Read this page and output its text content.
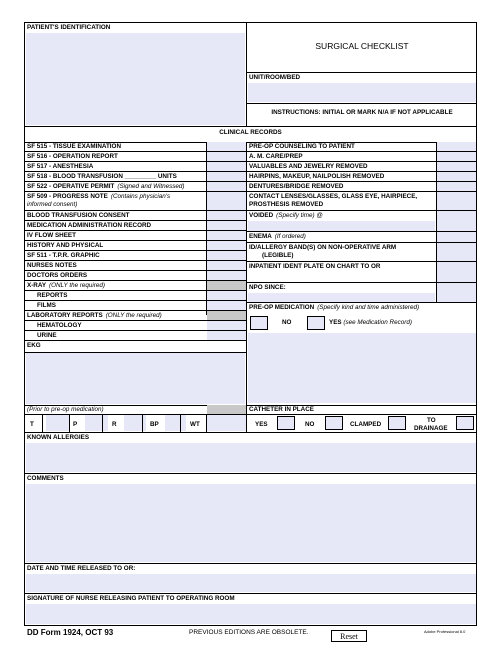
PATIENT'S IDENTIFICATION
SURGICAL CHECKLIST
UNIT/ROOM/BED
INSTRUCTIONS: INITIAL OR MARK N/A IF NOT APPLICABLE
CLINICAL RECORDS
SF 515 - TISSUE EXAMINATION
SF 516 - OPERATION REPORT
SF 517 - ANESTHESIA
SF 518 - BLOOD TRANSFUSION _________ UNITS
SF 522 - OPERATIVE PERMIT (Signed and Witnessed)
SF 509 - PROGRESS NOTE (Contains physician's
informed consent)
BLOOD TRANSFUSION CONSENT
MEDICATION ADMINISTRATION RECORD
IV FLOW SHEET
HISTORY AND PHYSICAL
SF 511 - T.P.R. GRAPHIC
NURSES NOTES
DOCTORS ORDERS
X-RAY (ONLY the required)
REPORTS
FILMS
LABORATORY REPORTS (ONLY the required)
HEMATOLOGY
URINE
EKG
PRE-OP COUNSELING TO PATIENT
A. M. CARE/PREP
VALUABLES AND JEWELRY REMOVED
HAIRPINS, MAKEUP, NAILPOLISH REMOVED
DENTURES/BRIDGE REMOVED
CONTACT LENSES/GLASSES, GLASS EYE, HAIRPIECE,
PROSTHESIS REMOVED
VOIDED (Specify time) @
ENEMA (If ordered)
ID/ALLERGY BAND(S) ON NON-OPERATIVE ARM
(LEGIBLE)
INPATIENT IDENT PLATE ON CHART TO OR
NPO SINCE:
PRE-OP MEDICATION (Specify kind and time administered)
NO	YES (see Medication Record)
(Prior to pre-op medication)
T	P	R	BP	WT
CATHETER IN PLACE
YES	NO	CLAMPED
TO
DRAINAGE
KNOWN ALLERGIES
COMMENTS
DATE AND TIME RELEASED TO OR:
SIGNATURE OF NURSE RELEASING PATIENT TO OPERATING ROOM
DD Form 1924, OCT 93	PREVIOUS EDITIONS ARE OBSOLETE.	Reset	Adobe Professional 8.0
